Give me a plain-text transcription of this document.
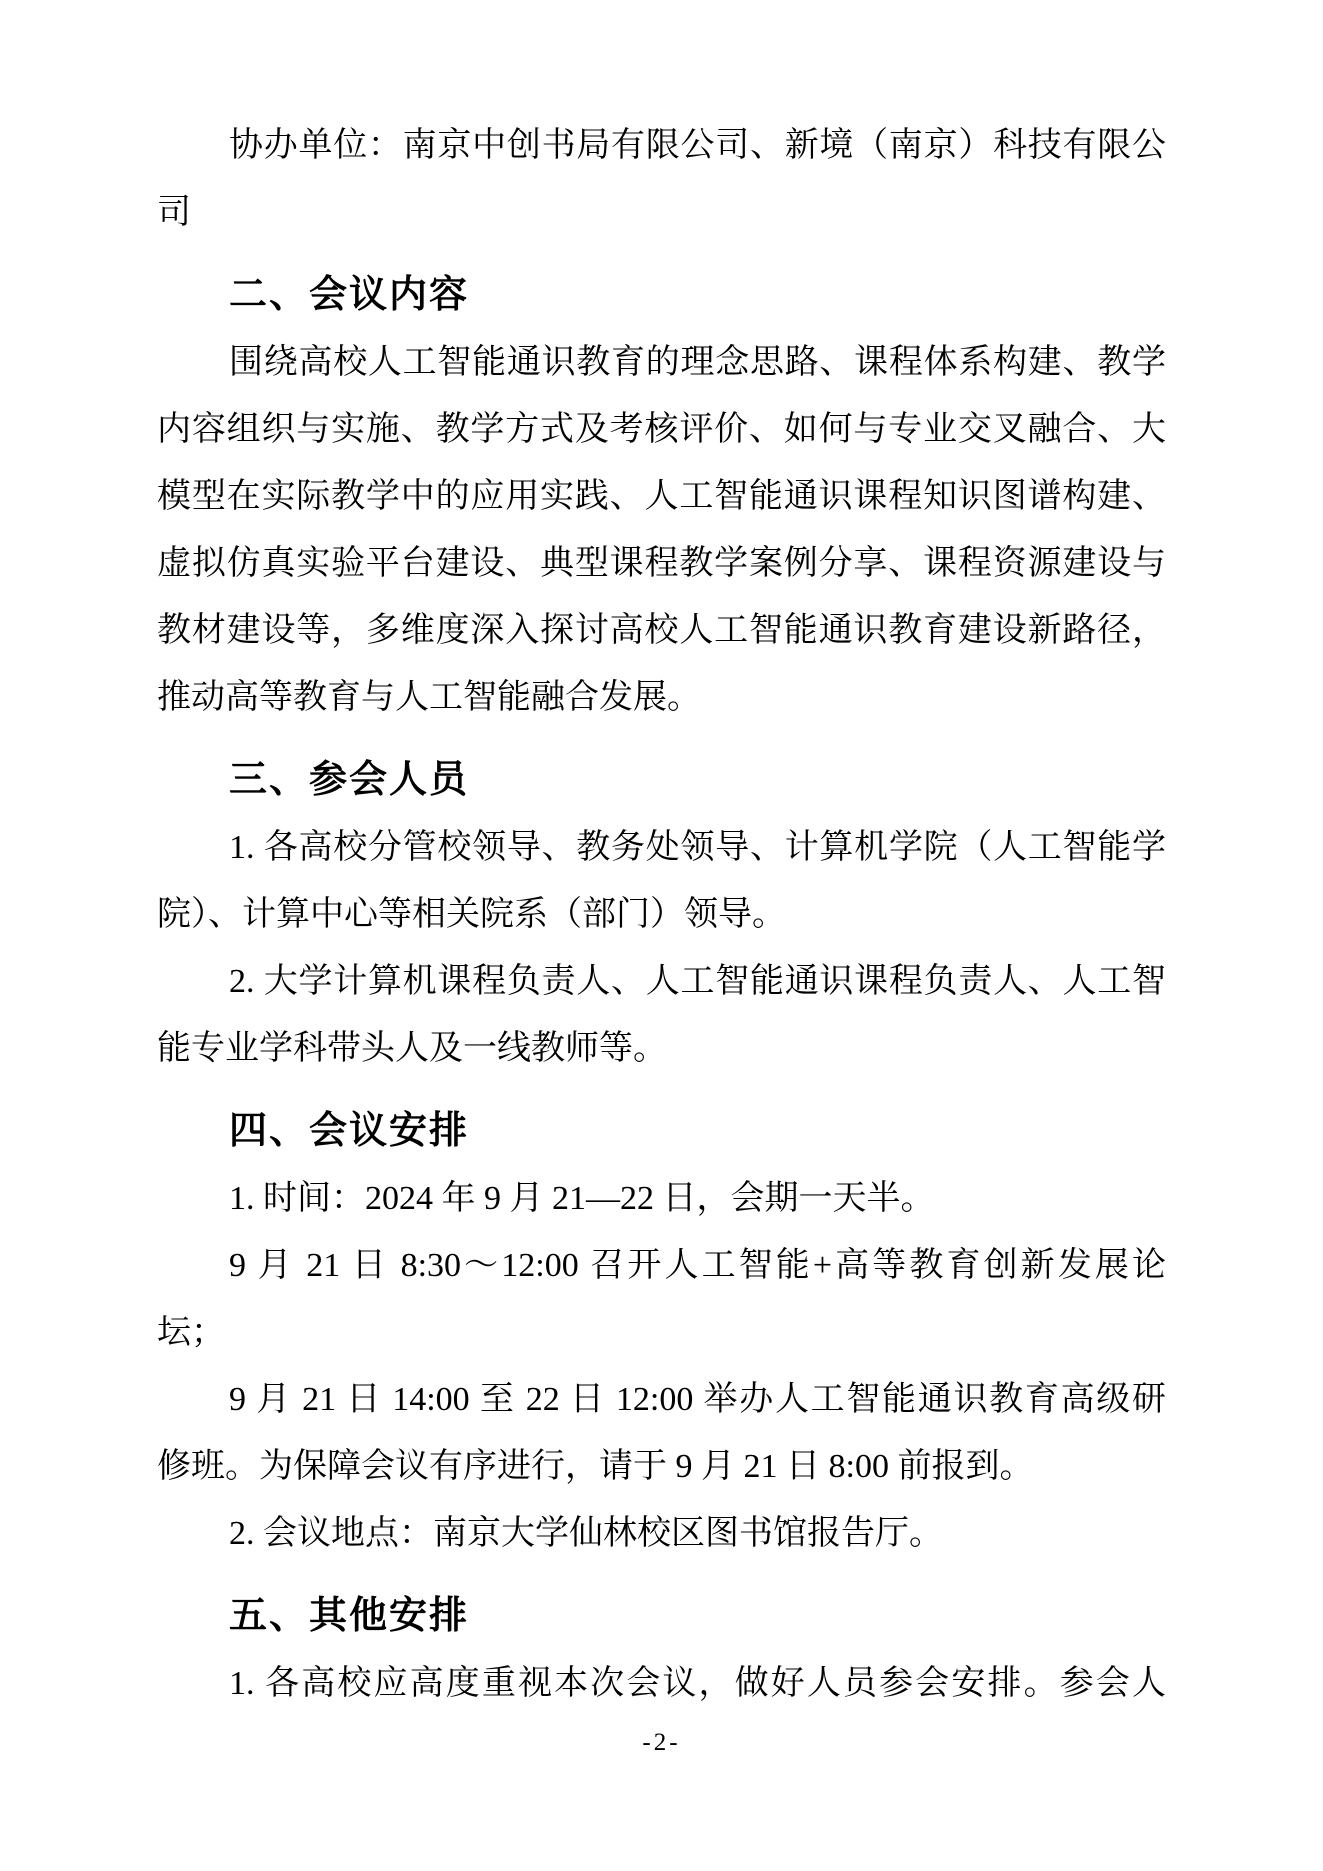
协办单位：南京中创书局有限公司、新境（南京）科技有限公
司
二、会议内容
围绕高校人工智能通识教育的理念思路、课程体系构建、教学
内容组织与实施、教学方式及考核评价、如何与专业交叉融合、大
模型在实际教学中的应用实践、人工智能通识课程知识图谱构建、
虚拟仿真实验平台建设、典型课程教学案例分享、课程资源建设与
教材建设等，多维度深入探讨高校人工智能通识教育建设新路径，
推动高等教育与人工智能融合发展。
三、参会人员
1. 各高校分管校领导、教务处领导、计算机学院（人工智能学
院）、计算中心等相关院系（部门）领导。
2. 大学计算机课程负责人、人工智能通识课程负责人、人工智
能专业学科带头人及一线教师等。
四、会议安排
1. 时间：2024 年 9 月 21—22 日，会期一天半。
9 月 21 日 8:30～12:00 召开人工智能+高等教育创新发展论
坛；
9 月 21 日 14:00 至 22 日 12:00 举办人工智能通识教育高级研
修班。为保障会议有序进行，请于 9 月 21 日 8:00 前报到。
2. 会议地点：南京大学仙林校区图书馆报告厅。
五、其他安排
1. 各高校应高度重视本次会议，做好人员参会安排。参会人
-2-
